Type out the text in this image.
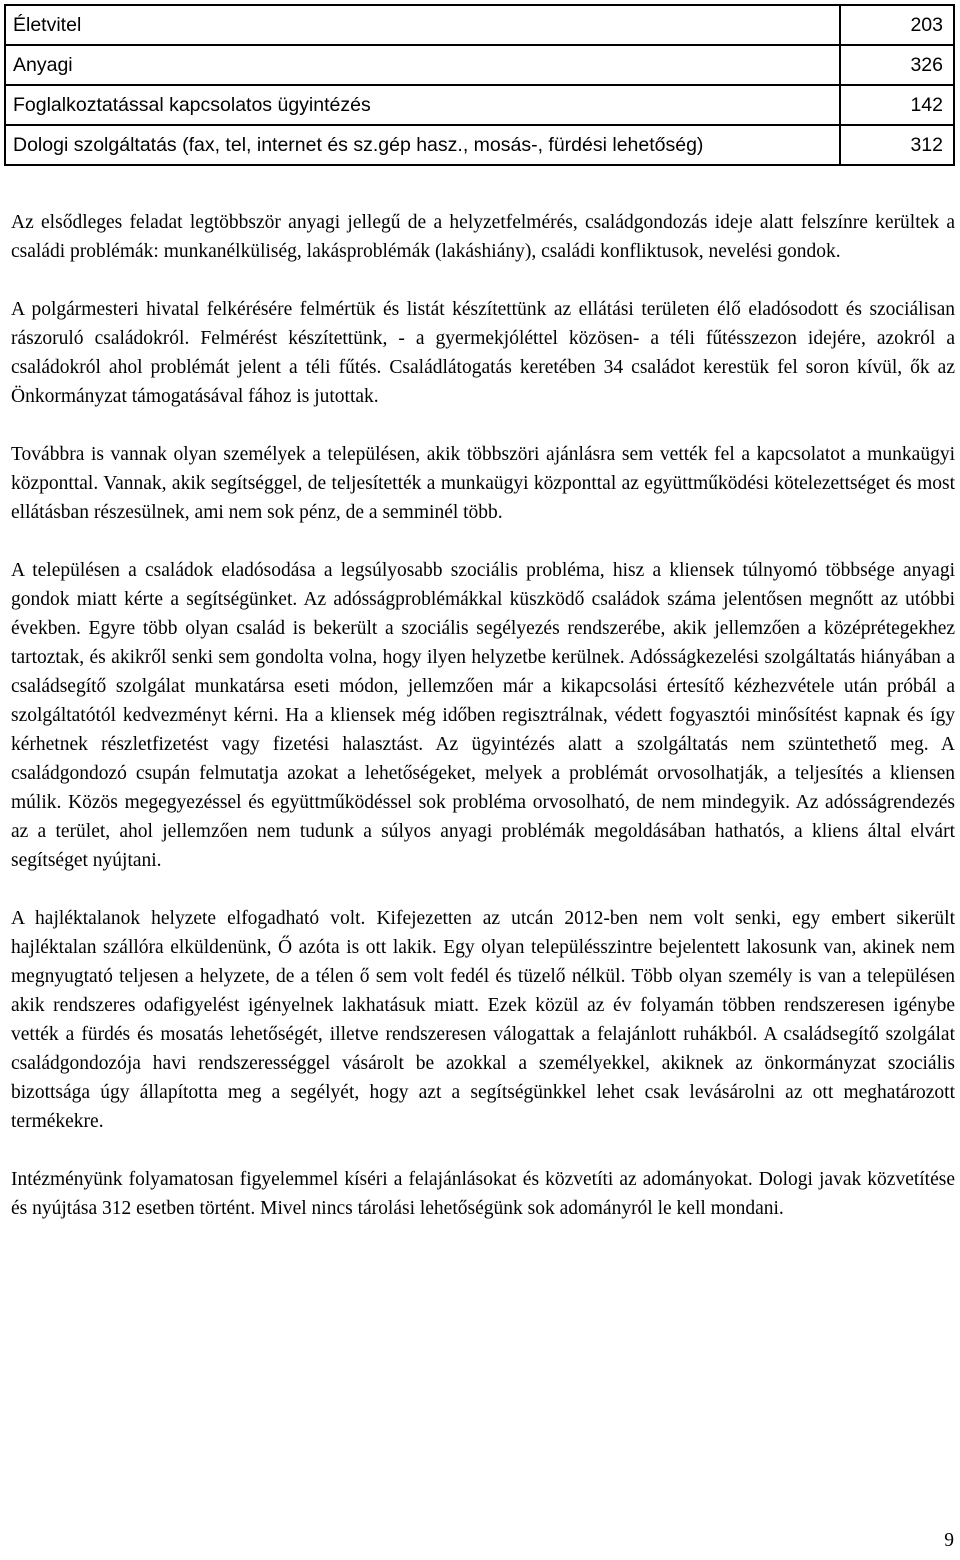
Életvitel	203
Anyagi	326
Foglalkoztatással kapcsolatos ügyintézés	142
Dologi szolgáltatás (fax, tel, internet és sz.gép hasz., mosás-, fürdési lehetőség)	312

Az elsődleges feladat legtöbbször anyagi jellegű de a helyzetfelmérés, családgondozás ideje alatt felszínre kerültek a családi problémák: munkanélküliség, lakásproblémák (lakáshiány), családi konfliktusok, nevelési gondok.

A polgármesteri hivatal felkérésére felmértük és listát készítettünk az ellátási területen élő eladósodott és szociálisan rászoruló családokról. Felmérést készítettünk, - a gyermekjóléttel közösen- a téli fűtésszezon idejére, azokról a családokról ahol problémát jelent a téli fűtés. Családlátogatás keretében 34 családot kerestük fel soron kívül, ők az Önkormányzat támogatásával fához is jutottak.

Továbbra is vannak olyan személyek a településen, akik többszöri ajánlásra sem vették fel a kapcsolatot a munkaügyi központtal. Vannak, akik segítséggel, de teljesítették a munkaügyi központtal az együttműködési kötelezettséget és most ellátásban részesülnek, ami nem sok pénz, de a semminél több.

A településen a családok eladósodása a legsúlyosabb szociális probléma, hisz a kliensek túlnyomó többsége anyagi gondok miatt kérte a segítségünket. Az adósságproblémákkal küszködő családok száma jelentősen megnőtt az utóbbi években. Egyre több olyan család is bekerült a szociális segélyezés rendszerébe, akik jellemzően a középrétegekhez tartoztak, és akikről senki sem gondolta volna, hogy ilyen helyzetbe kerülnek. Adósságkezelési szolgáltatás hiányában a családsegítő szolgálat munkatársa eseti módon, jellemzően már a kikapcsolási értesítő kézhezvétele után próbál a szolgáltatótól kedvezményt kérni. Ha a kliensek még időben regisztrálnak, védett fogyasztói minősítést kapnak és így kérhetnek részletfizetést vagy fizetési halasztást. Az ügyintézés alatt a szolgáltatás nem szüntethető meg. A családgondozó csupán felmutatja azokat a lehetőségeket, melyek a problémát orvosolhatják, a teljesítés a kliensen múlik. Közös megegyezéssel és együttműködéssel sok probléma orvosolható, de nem mindegyik. Az adósságrendezés az a terület, ahol jellemzően nem tudunk a súlyos anyagi problémák megoldásában hathatós, a kliens által elvárt segítséget nyújtani.

A hajléktalanok helyzete elfogadható volt. Kifejezetten az utcán 2012-ben nem volt senki, egy embert sikerült hajléktalan szállóra elküldenünk, Ő azóta is ott lakik. Egy olyan településszintre bejelentett lakosunk van, akinek nem megnyugtató teljesen a helyzete, de a télen ő sem volt fedél és tüzelő nélkül. Több olyan személy is van a településen akik rendszeres odafigyelést igényelnek lakhatásuk miatt. Ezek közül az év folyamán többen rendszeresen igénybe vették a fürdés és mosatás lehetőségét, illetve rendszeresen válogattak a felajánlott ruhákból. A családsegítő szolgálat családgondozója havi rendszerességgel vásárolt be azokkal a személyekkel, akiknek az önkormányzat szociális bizottsága úgy állapította meg a segélyét, hogy azt a segítségünkkel lehet csak levásárolni az ott meghatározott termékekre.

Intézményünk folyamatosan figyelemmel kíséri a felajánlásokat és közvetíti az adományokat. Dologi javak közvetítése és nyújtása 312 esetben történt. Mivel nincs tárolási lehetőségünk sok adományról le kell mondani.

9
